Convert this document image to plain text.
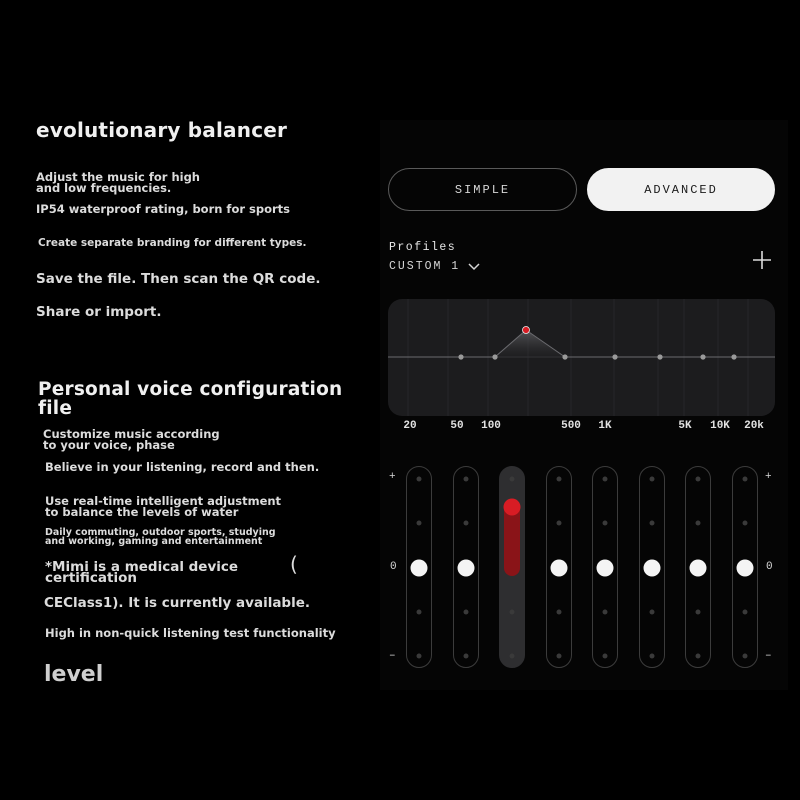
evolutionary balancer
Adjust the music for high
and low frequencies.
IP54 waterproof rating, born for sports
Create separate branding for different types.
Save the file. Then scan the QR code.
Share or import.
Personal voice configuration
file
Customize music according
to your voice, phase
Believe in your listening, record and then.
Use real-time intelligent adjustment
to balance the levels of water
Daily commuting, outdoor sports, studying
and working, gaming and entertainment
*Mimi is a medical device
certification
(
CEClass1). It is currently available.
High in non-quick listening test functionality
level
SIMPLE	ADVANCED
Profiles
CUSTOM 1
20	50 100	500 1K	5K 10K 20k
+
0
–
+
0
–
